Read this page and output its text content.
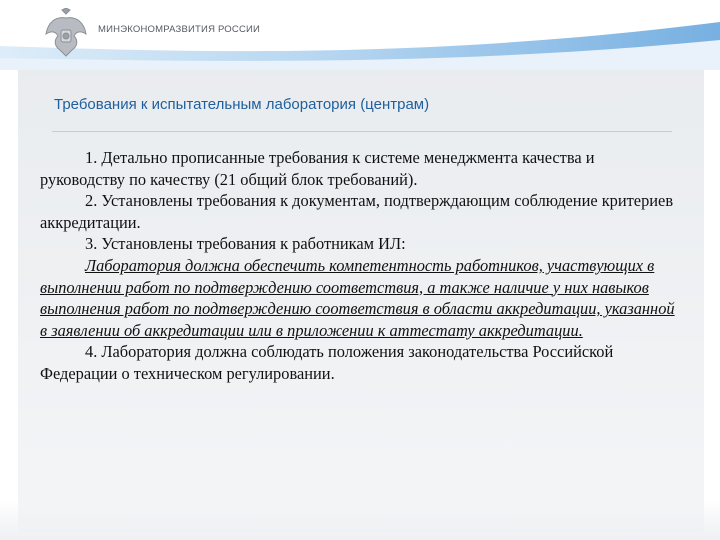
МИНЭКОНОМРАЗВИТИЯ РОССИИ
Требования к испытательным лаборатория (центрам)

1. Детально прописанные требования к системе менеджмента качества и руководству по качеству (21 общий блок требований).

2. Установлены требования к документам, подтверждающим соблюдение критериев аккредитации.

3. Установлены требования к работникам ИЛ:

Лаборатория должна обеспечить компетентность работников, участвующих в выполнении работ по подтверждению соответствия, а также наличие у них навыков выполнения работ по подтверждению соответствия в области аккредитации, указанной в заявлении об аккредитации или в приложении к аттестату аккредитации.

4. Лаборатория должна соблюдать положения законодательства Российской Федерации о техническом регулировании.
